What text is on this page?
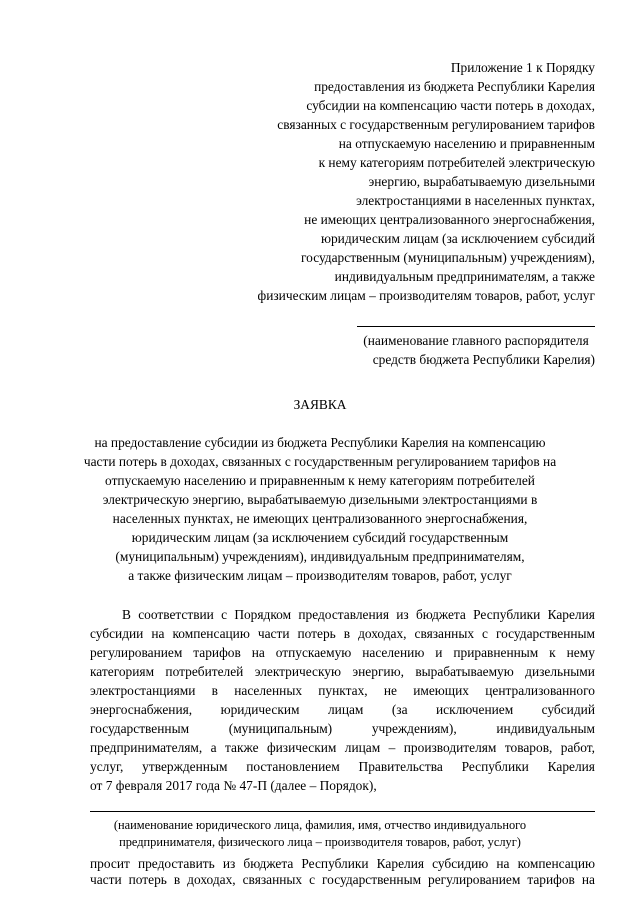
Приложение 1 к Порядку
предоставления из бюджета Республики Карелия
субсидии на компенсацию части потерь в доходах,
связанных с государственным регулированием тарифов
на отпускаемую населению и приравненным
к нему категориям потребителей электрическую
энергию, вырабатываемую дизельными
электростанциями в населенных пунктах,
не имеющих централизованного энергоснабжения,
юридическим лицам (за исключением субсидий
государственным (муниципальным) учреждениям),
индивидуальным предпринимателям, а также
физическим лицам – производителям товаров, работ, услуг
(наименование главного распорядителя
средств бюджета Республики Карелия)
ЗАЯВКА
на предоставление субсидии из бюджета Республики Карелия на компенсацию
части потерь в доходах, связанных с государственным регулированием тарифов на
отпускаемую населению и приравненным к нему категориям потребителей
электрическую энергию, вырабатываемую дизельными электростанциями в
населенных пунктах, не имеющих централизованного энергоснабжения,
юридическим лицам (за исключением субсидий государственным
(муниципальным) учреждениям), индивидуальным предпринимателям,
а также физическим лицам – производителям товаров, работ, услуг
В соответствии с Порядком предоставления из бюджета Республики Карелия
субсидии на компенсацию части потерь в доходах, связанных с государственным
регулированием тарифов на отпускаемую населению и приравненным к нему
категориям потребителей электрическую энергию, вырабатываемую дизельными
электростанциями в населенных пунктах, не имеющих централизованного
энергоснабжения, юридическим лицам (за исключением субсидий
государственным	(муниципальным)	учреждениям),	индивидуальным
предпринимателям, а также физическим лицам – производителям товаров, работ,
услуг, утвержденным постановлением Правительства Республики Карелия
от 7 февраля 2017 года № 47-П (далее – Порядок),
(наименование юридического лица, фамилия, имя, отчество индивидуального
предпринимателя, физического лица – производителя товаров, работ, услуг)
просит предоставить из бюджета Республики Карелия субсидию на компенсацию
части потерь в доходах, связанных с государственным регулированием тарифов на
